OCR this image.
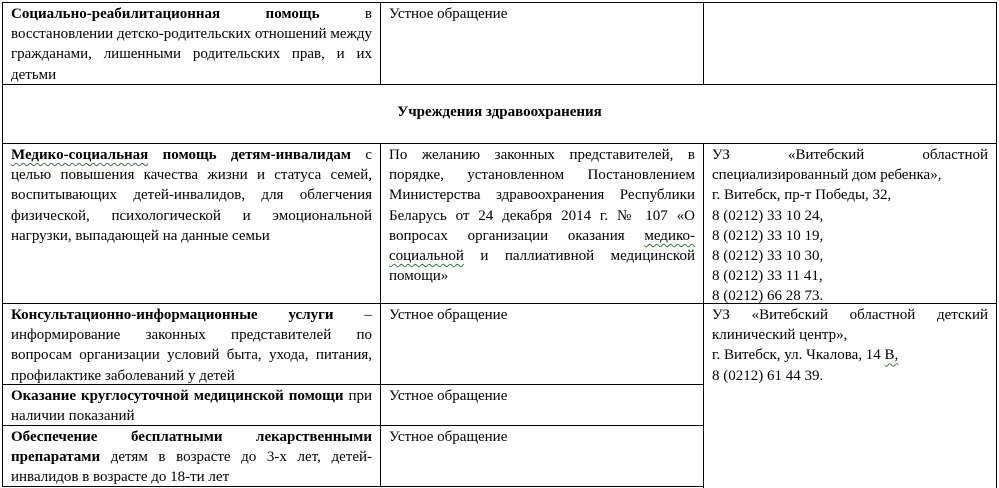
Социально-реабилитационная помощь в восстановлении детско-родительских отношений между гражданами, лишенными родительских прав, и их детьми
Устное обращение
Учреждения здравоохранения
Медико-социальная помощь детям-инвалидам с целью повышения качества жизни и статуса семей, воспитывающих детей-инвалидов, для облегчения физической, психологической и эмоциональной нагрузки, выпадающей на данные семьи
По желанию законных представителей, в порядке, установленном Постановлением Министерства здравоохранения Республики Беларусь от 24 декабря 2014 г. № 107 «О вопросах организации оказания медико-социальной и паллиативной медицинской помощи»

УЗ «Витебский областной специализированный дом ребенка»,

г. Витебск, пр-т Победы, 32,

8 (0212) 33 10 24,

8 (0212) 33 10 19,

8 (0212) 33 10 30,

8 (0212) 33 11 41,

8 (0212) 66 28 73.

Консультационно-информационные услуги – информирование законных представителей по вопросам организации условий быта, ухода, питания, профилактике заболеваний у детей
Устное обращение	УЗ «Витебский областной детский клинический центр»,

г. Витебск, ул. Чкалова, 14 В,

8 (0212) 61 44 39.

Оказание круглосуточной медицинской помощи при наличии показаний
Устное обращение
Обеспечение бесплатными лекарственными препаратами детям в возрасте до 3-х лет, детей-инвалидов в возрасте до 18-ти лет
Устное обращение
